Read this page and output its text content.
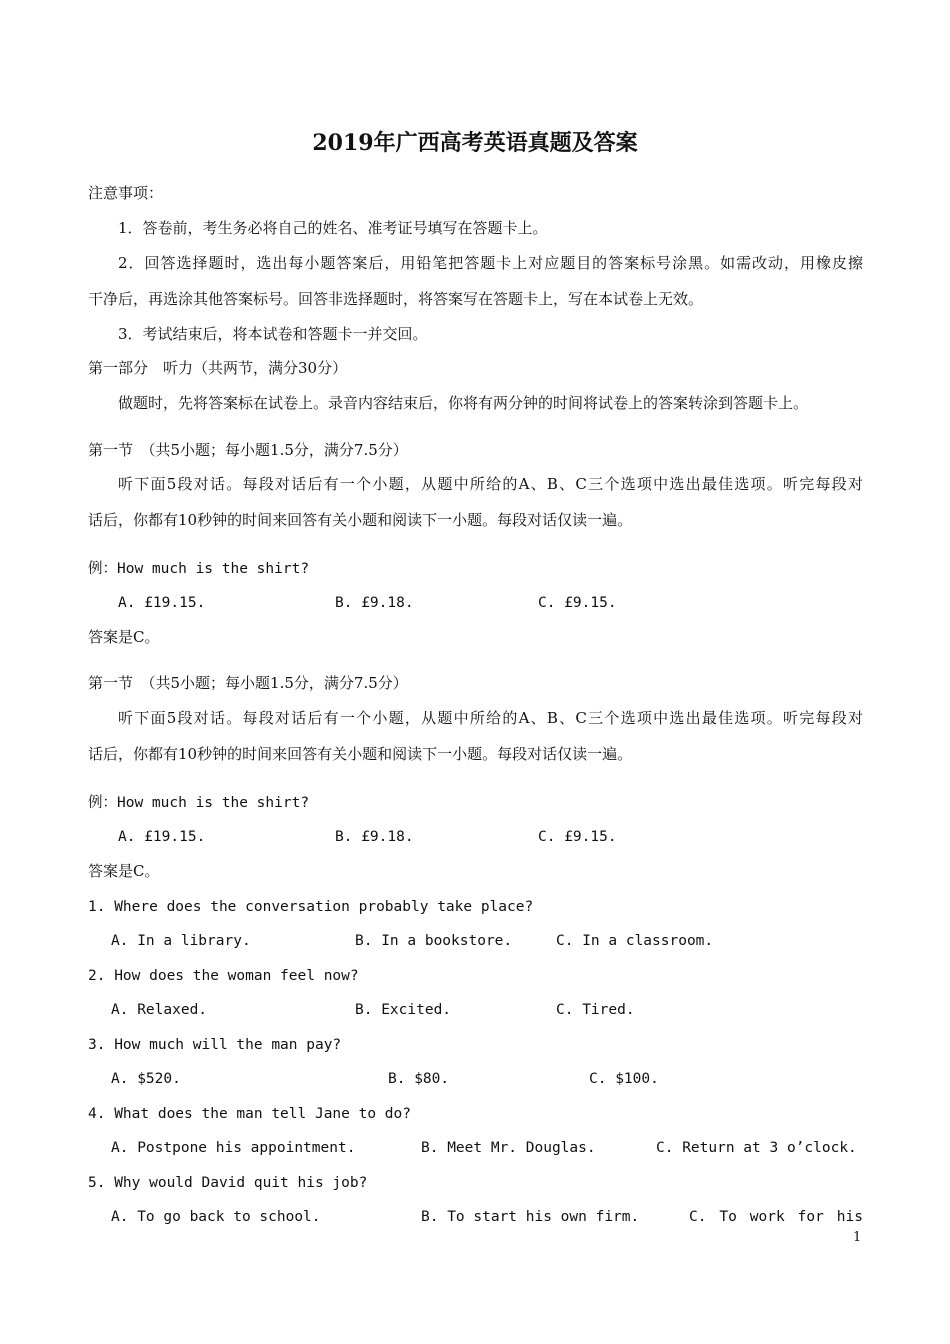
2019年广西高考英语真题及答案
注意事项：
1．答卷前，考生务必将自己的姓名、准考证号填写在答题卡上。
2．回答选择题时，选出每小题答案后，用铅笔把答题卡上对应题目的答案标号涂黑。如需改动，用橡皮擦
干净后，再选涂其他答案标号。回答非选择题时，将答案写在答题卡上，写在本试卷上无效。
3．考试结束后，将本试卷和答题卡一并交回。
第一部分　听力（共两节，满分30分）
做题时，先将答案标在试卷上。录音内容结束后，你将有两分钟的时间将试卷上的答案转涂到答题卡上。
第一节　（共5小题；每小题1.5分，满分7.5分）
听下面5段对话。每段对话后有一个小题，从题中所给的A、B、C三个选项中选出最佳选项。听完每段对
话后，你都有10秒钟的时间来回答有关小题和阅读下一小题。每段对话仅读一遍。
例：How much is the shirt?
A. £19.15.	B. £9.18.	C. £9.15.
答案是C。
第一节　（共5小题；每小题1.5分，满分7.5分）
听下面5段对话。每段对话后有一个小题，从题中所给的A、B、C三个选项中选出最佳选项。听完每段对
话后，你都有10秒钟的时间来回答有关小题和阅读下一小题。每段对话仅读一遍。
例：How much is the shirt?
A. £19.15.	B. £9.18.	C. £9.15.
答案是C。
1. Where does the conversation probably take place?
A. In a library.	B. In a bookstore.	C. In a classroom.
2. How does the woman feel now?
A. Relaxed.	B. Excited.	C. Tired.
3. How much will the man pay?
A. $520.	B. $80.	C. $100.
4. What does the man tell Jane to do?
A. Postpone his appointment.	B. Meet Mr. Douglas.	C. Return at 3 o’clock.
5. Why would David quit his job?
A. To go back to school.	B. To start his own firm.	C. To work for his
1
